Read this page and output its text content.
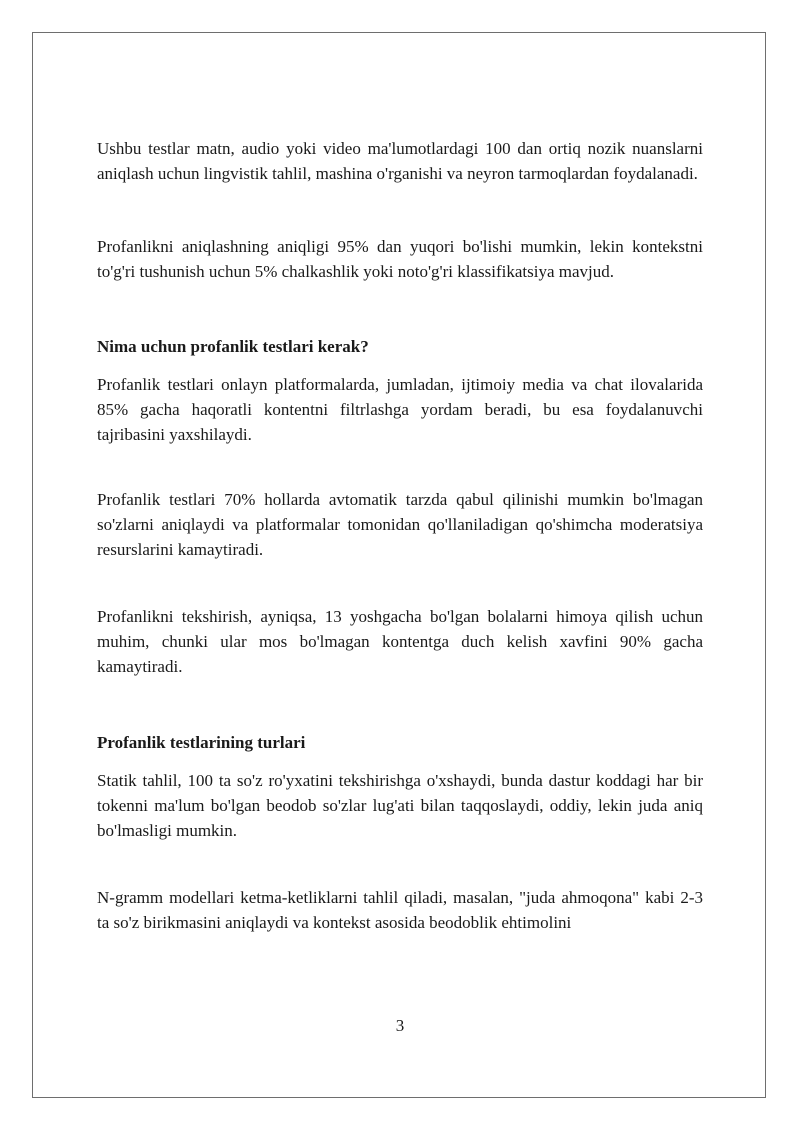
Ushbu testlar matn, audio yoki video ma'lumotlardagi 100 dan ortiq nozik nuanslarni aniqlash uchun lingvistik tahlil, mashina o'rganishi va neyron tarmoqlardan foydalanadi.

Profanlikni aniqlashning aniqligi 95% dan yuqori bo'lishi mumkin, lekin kontekstni to'g'ri tushunish uchun 5% chalkashlik yoki noto'g'ri klassifikatsiya mavjud.

Nima uchun profanlik testlari kerak?

Profanlik testlari onlayn platformalarda, jumladan, ijtimoiy media va chat ilovalarida 85% gacha haqoratli kontentni filtrlashga yordam beradi, bu esa foydalanuvchi tajribasini yaxshilaydi.

Profanlik testlari 70% hollarda avtomatik tarzda qabul qilinishi mumkin bo'lmagan so'zlarni aniqlaydi va platformalar tomonidan qo'llaniladigan qo'shimcha moderatsiya resurslarini kamaytiradi.

Profanlikni tekshirish, ayniqsa, 13 yoshgacha bo'lgan bolalarni himoya qilish uchun muhim, chunki ular mos bo'lmagan kontentga duch kelish xavfini 90% gacha kamaytiradi.

Profanlik testlarining turlari

Statik tahlil, 100 ta so'z ro'yxatini tekshirishga o'xshaydi, bunda dastur koddagi har bir tokenni ma'lum bo'lgan beodob so'zlar lug'ati bilan taqqoslaydi, oddiy, lekin juda aniq bo'lmasligi mumkin.

N-gramm modellari ketma-ketliklarni tahlil qiladi, masalan, "juda ahmoqona" kabi 2-3 ta so'z birikmasini aniqlaydi va kontekst asosida beodoblik ehtimolini

3
